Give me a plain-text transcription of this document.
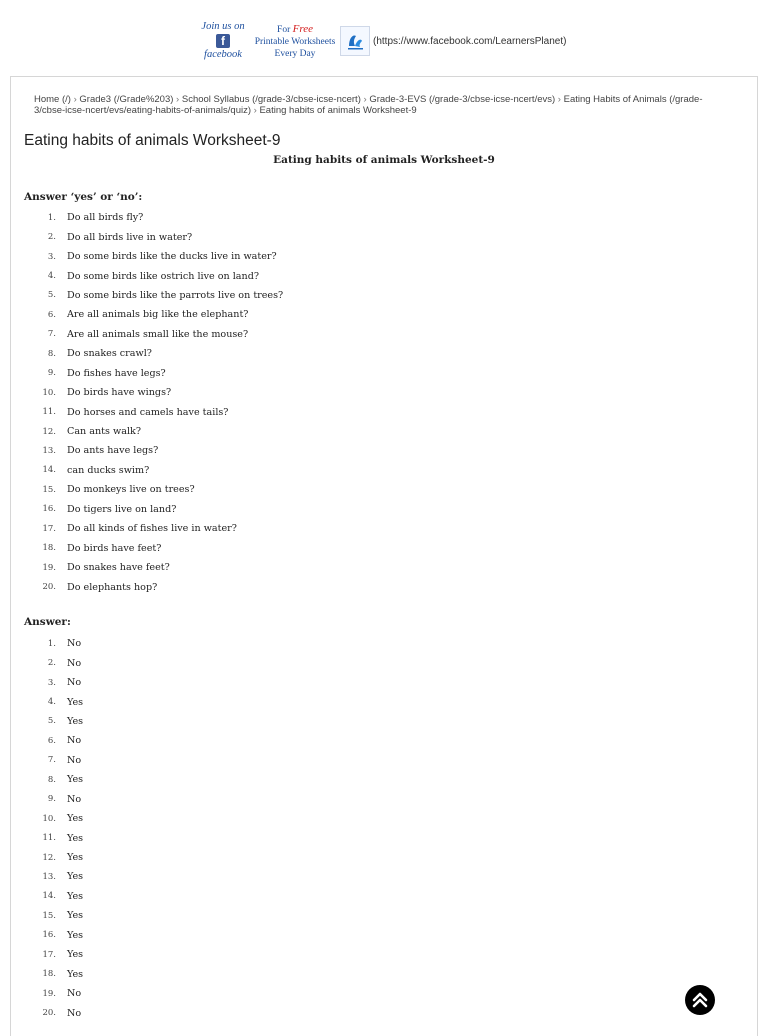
Join us on
f
facebook
For Free
Printable Worksheets
Every Day
(https://www.facebook.com/LearnersPlanet)
Home (/) › Grade3 (/Grade%203) › School Syllabus (/grade-3/cbse-icse-ncert) › Grade-3-EVS (/grade-3/cbse-icse-ncert/evs) › Eating Habits of Animals (/grade-3/cbse-icse-ncert/evs/eating-habits-of-animals/quiz) › Eating habits of animals Worksheet-9
Eating habits of animals Worksheet-9
Eating habits of animals Worksheet-9
Answer ‘yes’ or ‘no’:
1. Do all birds fly?
2. Do all birds live in water?
3. Do some birds like the ducks live in water?
4. Do some birds like ostrich live on land?
5. Do some birds like the parrots live on trees?
6. Are all animals big like the elephant?
7. Are all animals small like the mouse?
8. Do snakes crawl?
9. Do fishes have legs?
10. Do birds have wings?
11. Do horses and camels have tails?
12. Can ants walk?
13. Do ants have legs?
14. can ducks swim?
15. Do monkeys live on trees?
16. Do tigers live on land?
17. Do all kinds of fishes live in water?
18. Do birds have feet?
19. Do snakes have feet?
20. Do elephants hop?
Answer:
1. No
2. No
3. No
4. Yes
5. Yes
6. No
7. No
8. Yes
9. No
10. Yes
11. Yes
12. Yes
13. Yes
14. Yes
15. Yes
16. Yes
17. Yes
18. Yes
19. No
20. No
